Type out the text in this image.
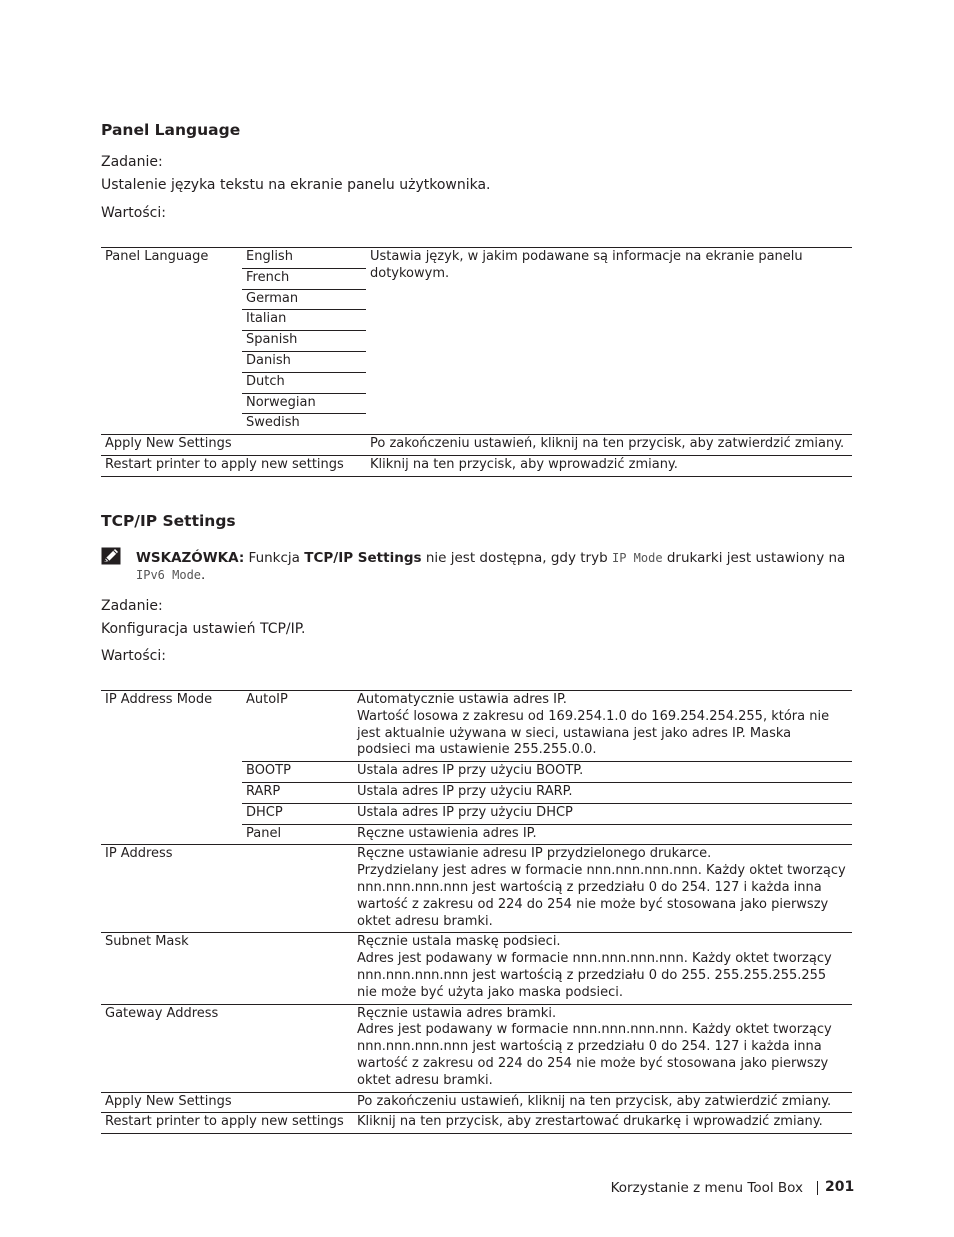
Panel Language
Zadanie:
Ustalenie języka tekstu na ekranie panelu użytkownika.
Wartości:
Panel Language	English	Ustawia język, w jakim podawane są informacje na ekranie panelu dotykowym.
	French	
	German	
	Italian	
	Spanish	
	Danish	
	Dutch	
	Norwegian	
	Swedish	
Apply New Settings		Po zakończeniu ustawień, kliknij na ten przycisk, aby zatwierdzić zmiany.
Restart printer to apply new settings		Kliknij na ten przycisk, aby wprowadzić zmiany.
TCP/IP Settings
WSKAZÓWKA: Funkcja TCP/IP Settings nie jest dostępna, gdy tryb IP Mode drukarki jest ustawiony na IPv6 Mode.
Zadanie:
Konfiguracja ustawień TCP/IP.
Wartości:
IP Address Mode	AutoIP	Automatycznie ustawia adres IP.
Wartość losowa z zakresu od 169.254.1.0 do 169.254.254.255, która nie jest aktualnie używana w sieci, ustawiana jest jako adres IP. Maska podsieci ma ustawienie 255.255.0.0.
	BOOTP	Ustala adres IP przy użyciu BOOTP.
	RARP	Ustala adres IP przy użyciu RARP.
	DHCP	Ustala adres IP przy użyciu DHCP
	Panel	Ręczne ustawienia adres IP.
IP Address		Ręczne ustawianie adresu IP przydzielonego drukarce.
Przydzielany jest adres w formacie nnn.nnn.nnn.nnn. Każdy oktet tworzący nnn.nnn.nnn.nnn jest wartością z przedziału 0 do 254. 127 i każda inna wartość z zakresu od 224 do 254 nie może być stosowana jako pierwszy oktet adresu bramki.
Subnet Mask		Ręcznie ustala maskę podsieci.
Adres jest podawany w formacie nnn.nnn.nnn.nnn. Każdy oktet tworzący nnn.nnn.nnn.nnn jest wartością z przedziału 0 do 255. 255.255.255.255 nie może być użyta jako maska podsieci.
Gateway Address		Ręcznie ustawia adres bramki.
Adres jest podawany w formacie nnn.nnn.nnn.nnn. Każdy oktet tworzący nnn.nnn.nnn.nnn jest wartością z przedziału 0 do 254. 127 i każda inna wartość z zakresu od 224 do 254 nie może być stosowana jako pierwszy oktet adresu bramki.
Apply New Settings		Po zakończeniu ustawień, kliknij na ten przycisk, aby zatwierdzić zmiany.
Restart printer to apply new settings		Kliknij na ten przycisk, aby zrestartować drukarkę i wprowadzić zmiany.
Korzystanie z menu Tool Box 201
